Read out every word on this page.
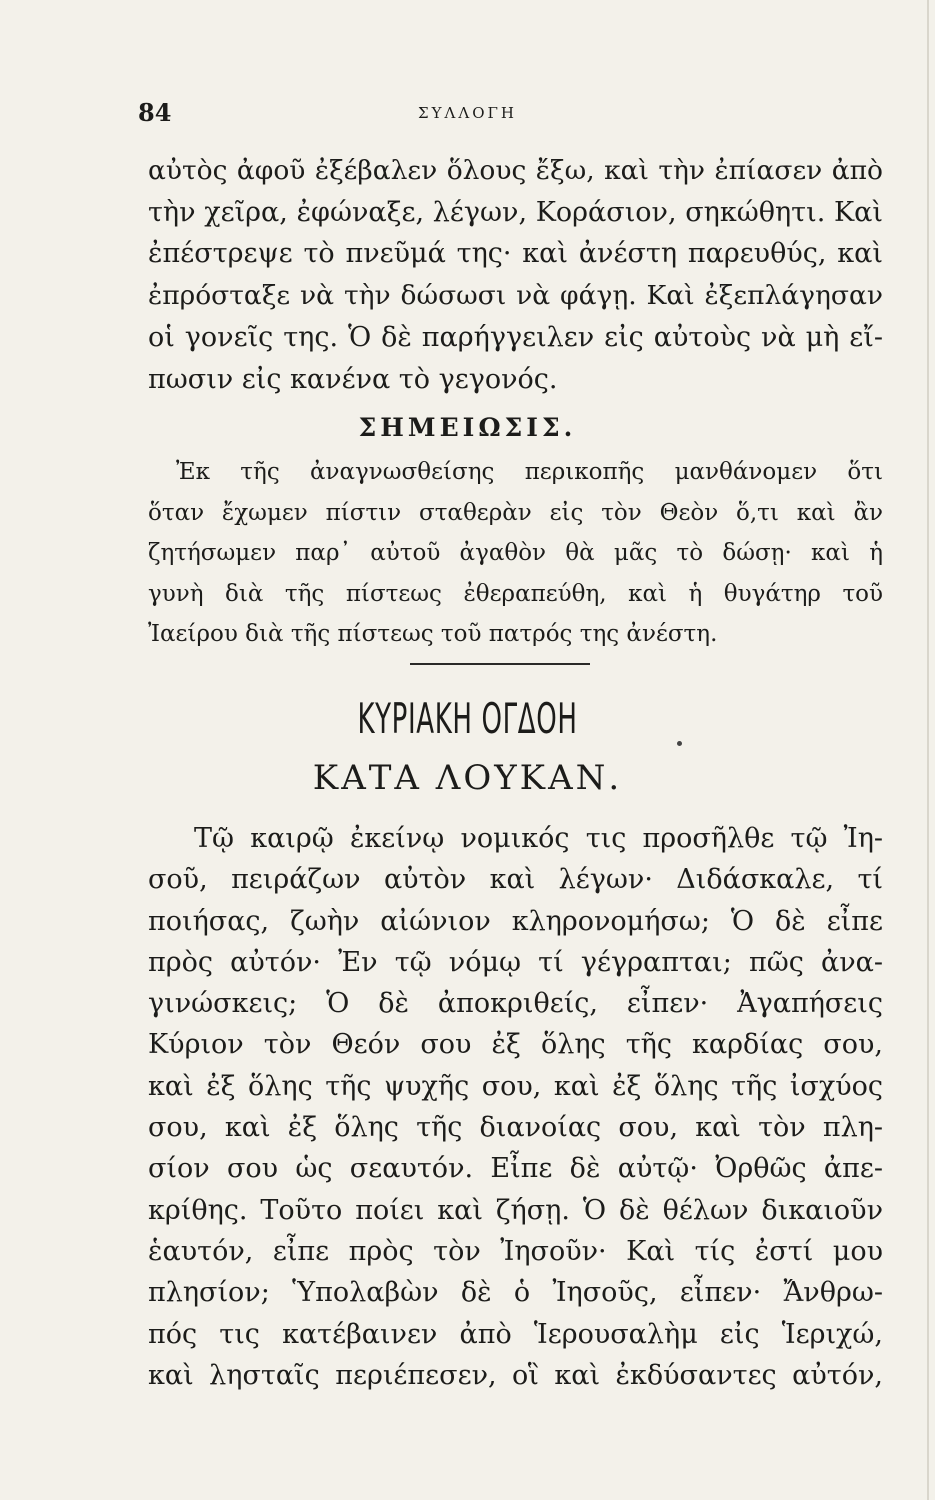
84	ΣΥΛΛΟΓΗ
αὐτὸς ἀφοῦ ἐξέβαλεν ὅλους ἔξω, καὶ τὴν ἐπίασεν ἀπὸ
τὴν χεῖρα, ἐφώναξε, λέγων, Κοράσιον, σηκώθητι. Καὶ
ἐπέστρεψε τὸ πνεῦμά της· καὶ ἀνέστη παρευθύς, καὶ
ἐπρόσταξε νὰ τὴν δώσωσι νὰ φάγῃ. Καὶ ἐξεπλάγησαν
οἱ γονεῖς της. Ὁ δὲ παρήγγειλεν εἰς αὐτοὺς νὰ μὴ εἴ-
πωσιν εἰς κανένα τὸ γεγονός.
ΣΗΜΕΙΩΣΙΣ.
Ἐκ τῆς ἀναγνωσθείσης περικοπῆς μανθάνομεν ὅτι
ὅταν ἔχωμεν πίστιν σταθερὰν εἰς τὸν Θεὸν ὅ,τι καὶ ἂν
ζητήσωμεν παρ᾽ αὐτοῦ ἀγαθὸν θὰ μᾶς τὸ δώσῃ· καὶ ἡ
γυνὴ διὰ τῆς πίστεως ἐθεραπεύθη, καὶ ἡ θυγάτηρ τοῦ
Ἰαείρου διὰ τῆς πίστεως τοῦ πατρός της ἀνέστη.
ΚΥΡΙΑΚΗ ΟΓΔΟΗ
ΚΑΤΑ ΛΟΥΚΑΝ.
Τῷ καιρῷ ἐκείνῳ νομικός τις προσῆλθε τῷ Ἰη-
σοῦ, πειράζων αὐτὸν καὶ λέγων· Διδάσκαλε, τί
ποιήσας, ζωὴν αἰώνιον κληρονομήσω; Ὁ δὲ εἶπε
πρὸς αὐτόν· Ἐν τῷ νόμῳ τί γέγραπται; πῶς ἀνα-
γινώσκεις; Ὁ δὲ ἀποκριθείς, εἶπεν· Ἀγαπήσεις
Κύριον τὸν Θεόν σου ἐξ ὅλης τῆς καρδίας σου,
καὶ ἐξ ὅλης τῆς ψυχῆς σου, καὶ ἐξ ὅλης τῆς ἰσχύος
σου, καὶ ἐξ ὅλης τῆς διανοίας σου, καὶ τὸν πλη-
σίον σου ὡς σεαυτόν. Εἶπε δὲ αὐτῷ· Ὀρθῶς ἀπε-
κρίθης. Τοῦτο ποίει καὶ ζήσῃ. Ὁ δὲ θέλων δικαιοῦν
ἑαυτόν, εἶπε πρὸς τὸν Ἰησοῦν· Καὶ τίς ἐστί μου
πλησίον; Ὑπολαβὼν δὲ ὁ Ἰησοῦς, εἶπεν· Ἄνθρω-
πός τις κατέβαινεν ἀπὸ Ἱερουσαλὴμ εἰς Ἱεριχώ,
καὶ λησταῖς περιέπεσεν, οἳ καὶ ἐκδύσαντες αὐτόν,
